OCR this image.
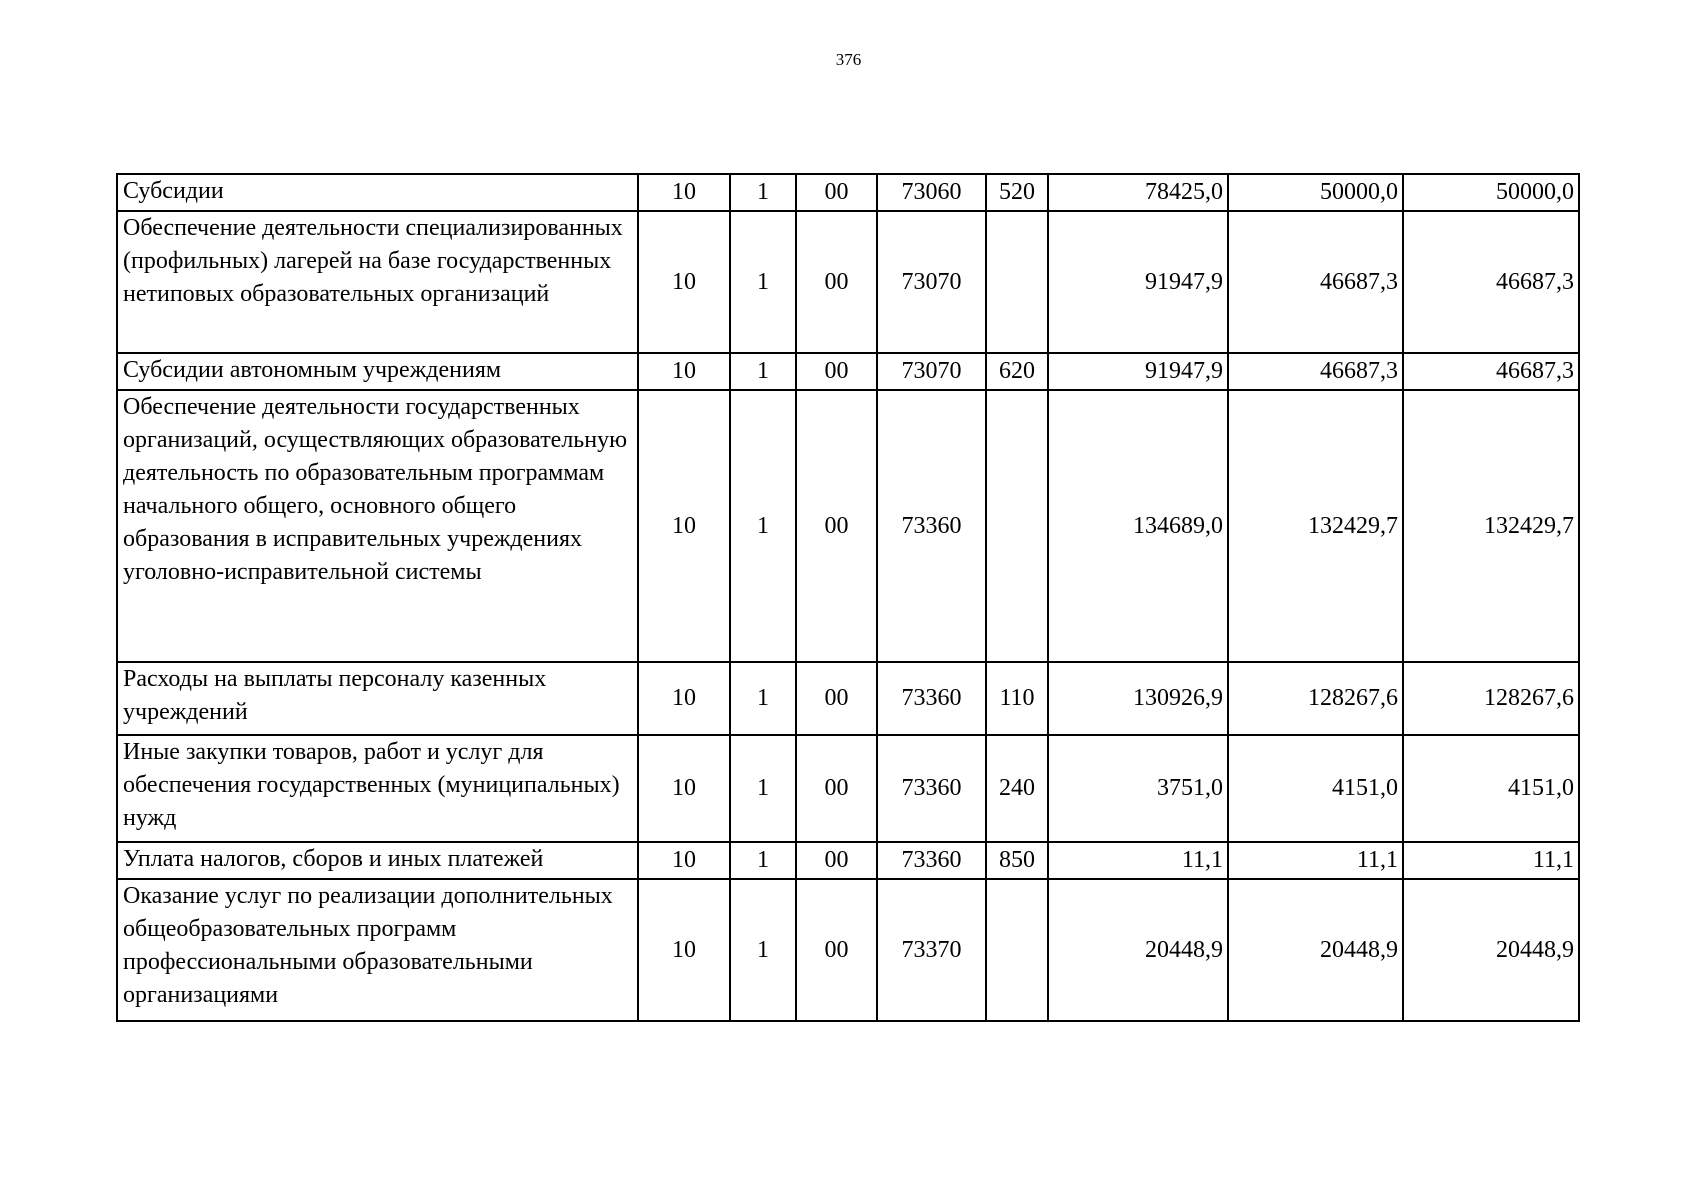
376
Субсидии	10	1	00	73060	520	78425,0	50000,0	50000,0
Обеспечение деятельности специализированных (профильных) лагерей на базе государственных нетиповых образовательных организаций	10	1	00	73070		91947,9	46687,3	46687,3
Субсидии автономным учреждениям	10	1	00	73070	620	91947,9	46687,3	46687,3
Обеспечение деятельности государственных организаций, осуществляющих образовательную деятельность по образовательным программам начального общего, основного общего образования в исправительных учреждениях уголовно-исправительной системы	10	1	00	73360		134689,0	132429,7	132429,7
Расходы на выплаты персоналу казенных учреждений	10	1	00	73360	110	130926,9	128267,6	128267,6
Иные закупки товаров, работ и услуг для обеспечения государственных (муниципальных) нужд	10	1	00	73360	240	3751,0	4151,0	4151,0
Уплата налогов, сборов и иных платежей	10	1	00	73360	850	11,1	11,1	11,1
Оказание услуг по реализации дополнительных общеобразовательных программ профессиональными образовательными организациями	10	1	00	73370		20448,9	20448,9	20448,9
